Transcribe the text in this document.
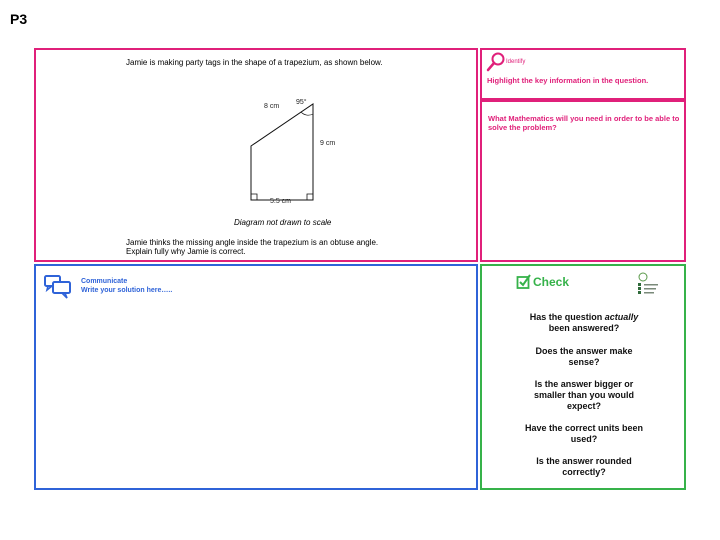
P3
Jamie is making party tags in the shape of a trapezium, as shown below.
8 cm
95°
9 cm
5.5 cm
Diagram not drawn to scale
Jamie thinks the missing angle inside the trapezium is an obtuse angle.
Explain fully why Jamie is correct.
Identify
Highlight the key information in the question.
What Mathematics will you need in order to be able to solve the problem?
Communicate
Write your solution here…..
Check
Has the question actually
been answered?
Does the answer make
sense?
Is the answer bigger or
smaller than you would
expect?
Have the correct units been
used?
Is the answer rounded
correctly?
